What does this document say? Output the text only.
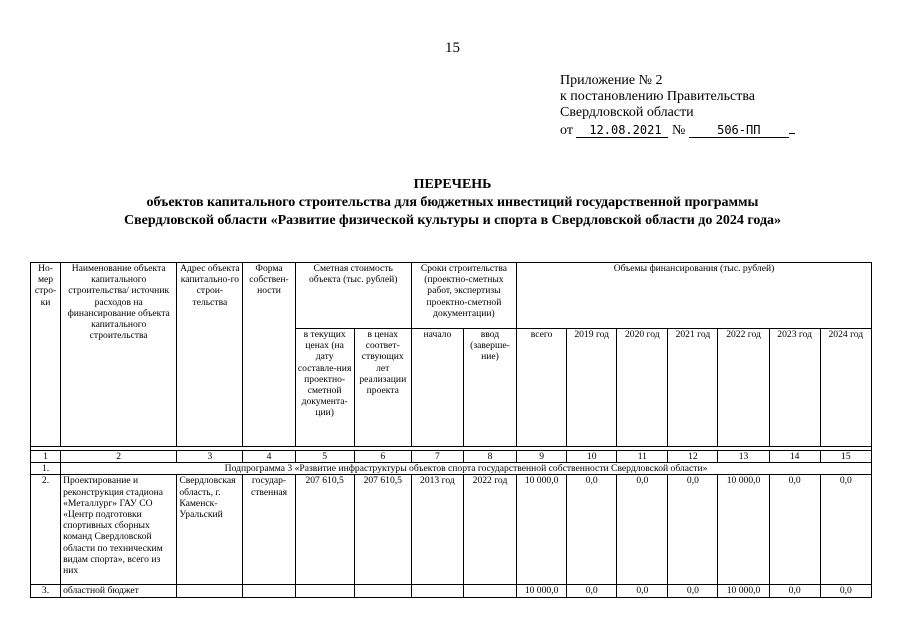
15
Приложение № 2
к постановлению Правительства
Свердловской области
от 12.08.2021 №	506-ПП
ПЕРЕЧЕНЬ
объектов капитального строительства для бюджетных инвестиций государственной программы
Свердловской области «Развитие физической культуры и спорта в Свердловской области до 2024 года»
Но-мер стро-ки	Наименование объекта капитального строительства/ источник расходов на финансирование объекта капитального строительства	Адрес объекта капитально-го строи-тельства	Форма собствен-ности	Сметная стоимость объекта (тыс. рублей)		Сроки строительства (проектно-сметных работ, экспертизы проектно-сметной документации)		Объемы финансирования (тыс. рублей)						
				в текущих ценах (на дату составле-ния проектно-сметной документа-ции)	в ценах соответ-ствующих лет реализации проекта	начало	ввод (заверше-ние)	всего	2019 год	2020 год	2021 год	2022 год	2023 год	2024 год

1	2	3	4	5	6	7	8	9	10	11	12	13	14	15
1.	Подпрограмма 3 «Развитие инфраструктуры объектов спорта государственной собственности Свердловской области»													
2.	Проектирование и реконструкция стадиона «Металлург» ГАУ СО «Центр подготовки спортивных сборных команд Свердловской области по техническим видам спорта», всего из них	Свердловская область, г. Каменск-Уральский	государ-ственная	207 610,5	207 610,5	2013 год	2022 год	10 000,0	0,0	0,0	0,0	10 000,0	0,0	0,0
3.	областной бюджет							10 000,0	0,0	0,0	0,0	10 000,0	0,0	0,0
